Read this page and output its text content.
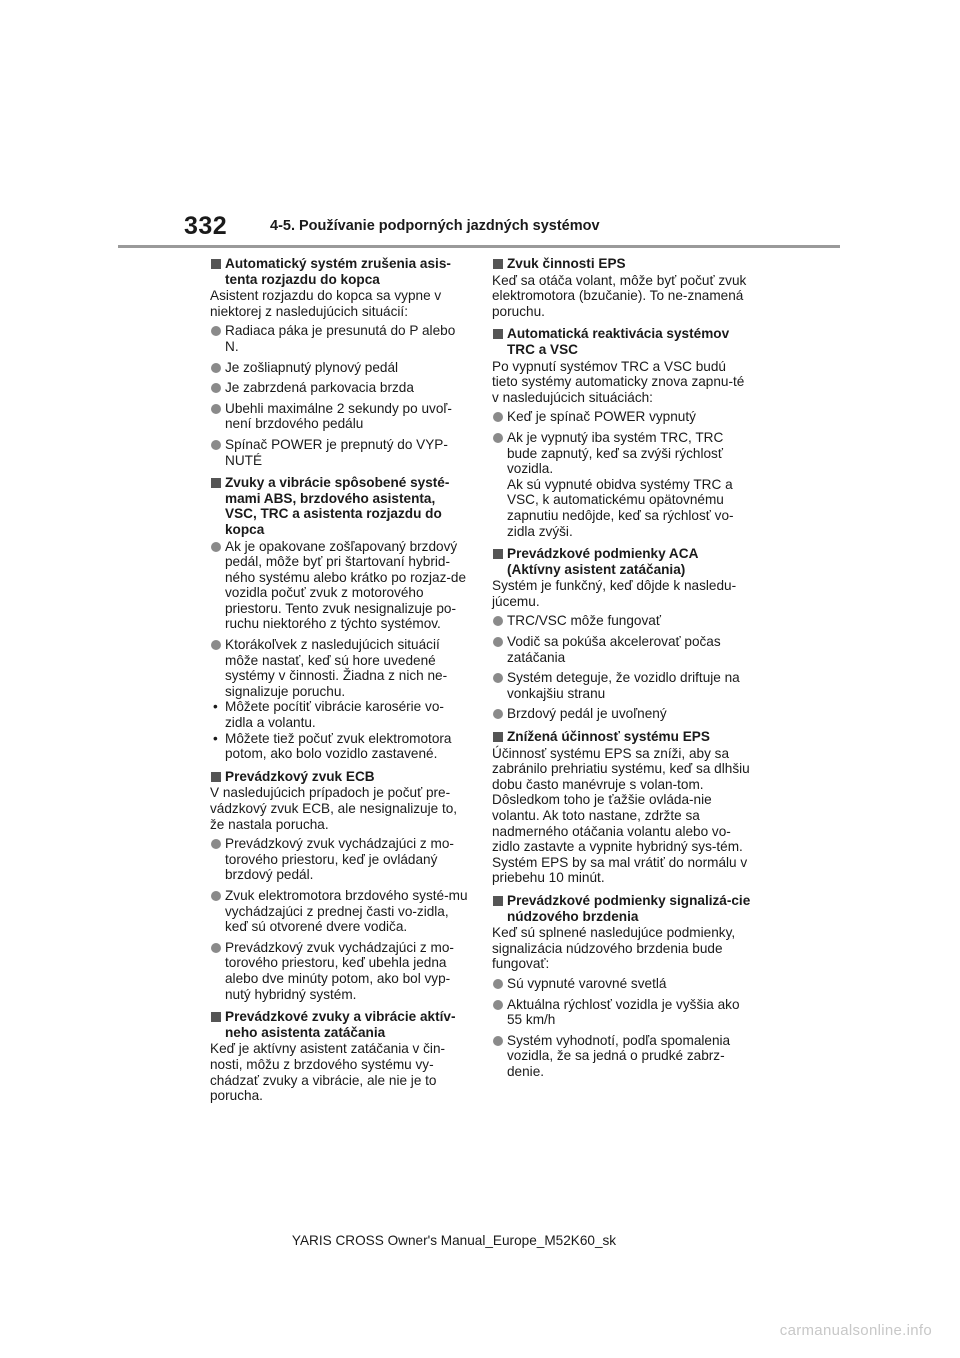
332	4-5. Používanie podporných jazdných systémov
Automatický systém zrušenia asis-tenta rozjazdu do kopca
Asistent rozjazdu do kopca sa vypne v niektorej z nasledujúcich situácií:
Radiaca páka je presunutá do P alebo N.
Je zošliapnutý plynový pedál
Je zabrzdená parkovacia brzda
Ubehli maximálne 2 sekundy po uvoľ-není brzdového pedálu
Spínač POWER je prepnutý do VYP-NUTÉ
Zvuky a vibrácie spôsobené systé-mami ABS, brzdového asistenta, VSC, TRC a asistenta rozjazdu do kopca
Ak je opakovane zošľapovaný brzdový pedál, môže byť pri štartovaní hybrid-ného systému alebo krátko po rozjaz-de vozidla počuť zvuk z motorového priestoru. Tento zvuk nesignalizuje po-ruchu niektorého z týchto systémov.
Ktorákoľvek z nasledujúcich situácií môže nastať, keď sú hore uvedené systémy v činnosti. Žiadna z nich ne-signalizuje poruchu.
• Môžete pocítiť vibrácie karosérie vo-zidla a volantu.
• Môžete tiež počuť zvuk elektromotora potom, ako bolo vozidlo zastavené.
Prevádzkový zvuk ECB
V nasledujúcich prípadoch je počuť pre-vádzkový zvuk ECB, ale nesignalizuje to, že nastala porucha.
Prevádzkový zvuk vychádzajúci z mo-torového priestoru, keď je ovládaný brzdový pedál.
Zvuk elektromotora brzdového systé-mu vychádzajúci z prednej časti vo-zidla, keď sú otvorené dvere vodiča.
Prevádzkový zvuk vychádzajúci z mo-torového priestoru, keď ubehla jedna alebo dve minúty potom, ako bol vyp-nutý hybridný systém.
Prevádzkové zvuky a vibrácie aktív-neho asistenta zatáčania
Keď je aktívny asistent zatáčania v čin-nosti, môžu z brzdového systému vy-chádzať zvuky a vibrácie, ale nie je to porucha.
Zvuk činnosti EPS
Keď sa otáča volant, môže byť počuť zvuk elektromotora (bzučanie). To ne-znamená poruchu.
Automatická reaktivácia systémov TRC a VSC
Po vypnutí systémov TRC a VSC budú tieto systémy automaticky znova zapnu-té v nasledujúcich situáciách:
Keď je spínač POWER vypnutý
Ak je vypnutý iba systém TRC, TRC bude zapnutý, keď sa zvýši rýchlosť vozidla.
Ak sú vypnuté obidva systémy TRC a VSC, k automatickému opätovnému zapnutiu nedôjde, keď sa rýchlosť vo-zidla zvýši.
Prevádzkové podmienky ACA (Aktívny asistent zatáčania)
Systém je funkčný, keď dôjde k nasledu-júcemu.
TRC/VSC môže fungovať
Vodič sa pokúša akcelerovať počas zatáčania
Systém deteguje, že vozidlo driftuje na vonkajšiu stranu
Brzdový pedál je uvoľnený
Znížená účinnosť systému EPS
Účinnosť systému EPS sa zníži, aby sa zabránilo prehriatiu systému, keď sa dlhšiu dobu často manévruje s volan-tom. Dôsledkom toho je ťažšie ovláda-nie volantu. Ak toto nastane, zdržte sa nadmerného otáčania volantu alebo vo-zidlo zastavte a vypnite hybridný sys-tém. Systém EPS by sa mal vrátiť do normálu v priebehu 10 minút.
Prevádzkové podmienky signalizá-cie núdzového brzdenia
Keď sú splnené nasledujúce podmienky, signalizácia núdzového brzdenia bude fungovať:
Sú vypnuté varovné svetlá
Aktuálna rýchlosť vozidla je vyššia ako 55 km/h
Systém vyhodnotí, podľa spomalenia vozidla, že sa jedná o prudké zabrz-denie.
YARIS CROSS Owner's Manual_Europe_M52K60_sk
carmanualsonline.info
